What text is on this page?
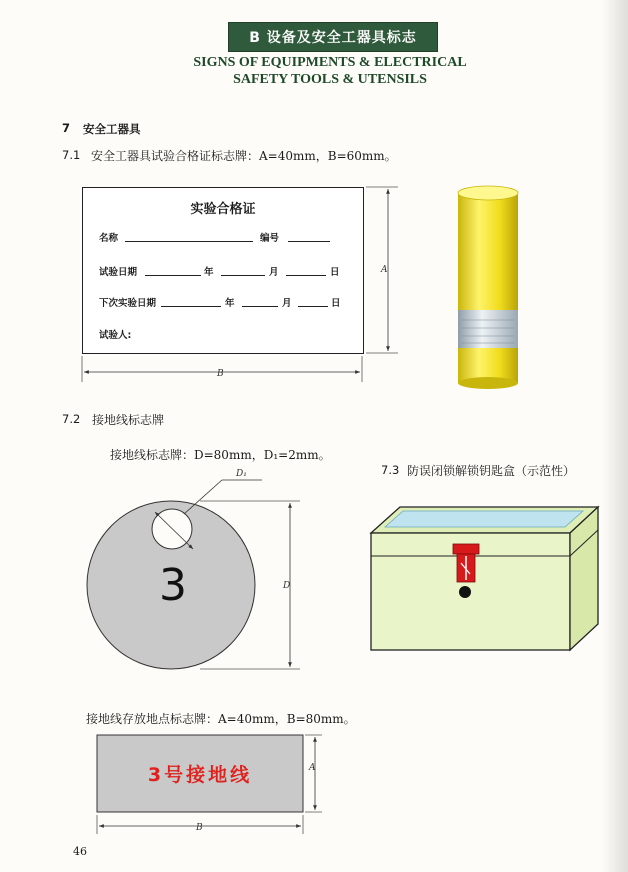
B 设备及安全工器具标志
SIGNS OF EQUIPMENTS & ELECTRICAL
SAFETY TOOLS & UTENSILS
7 安全工器具
7.1 安全工器具试验合格证标志牌：A=40mm，B=60mm。
实验合格证
名称	编号
试验日期	年	月	日
下次实验日期	年	月	日
试验人:
A
B
D₁
D
A
B
7.2 接地线标志牌
接地线标志牌：D=80mm，D₁=2mm。
3
7.3 防误闭锁解锁钥匙盒（示范性）
接地线存放地点标志牌：A=40mm，B=80mm。
3号接地线
46
